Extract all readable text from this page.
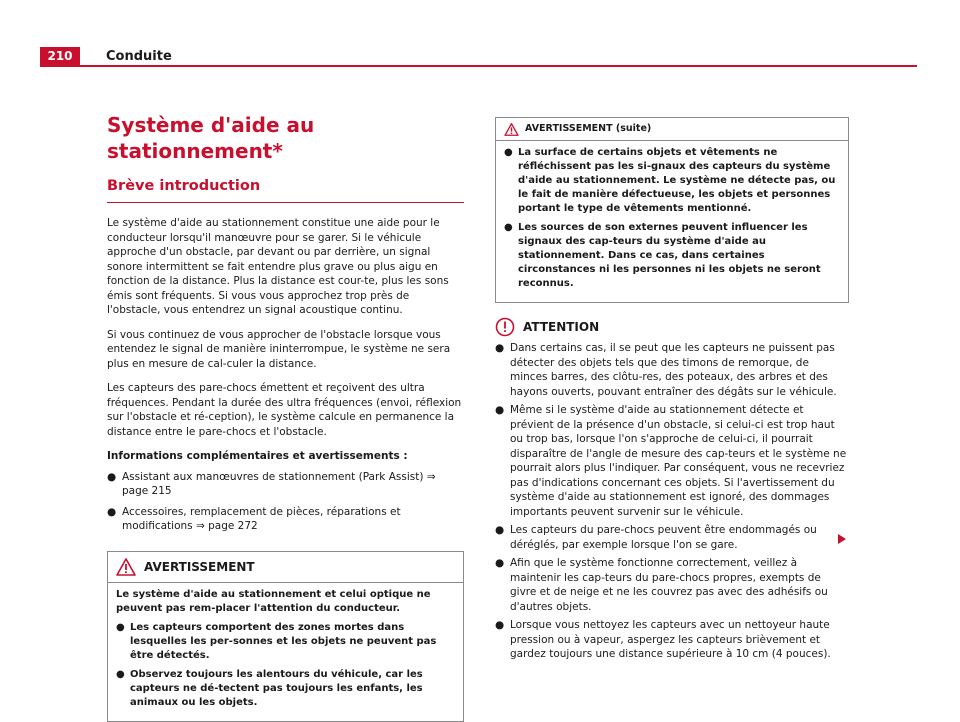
210	Conduite
Système d'aide au stationnement*
Brève introduction

Le système d'aide au stationnement constitue une aide pour le conducteur lorsqu'il manœuvre pour se garer. Si le véhicule approche d'un obstacle, par devant ou par derrière, un signal sonore intermittent se fait entendre plus grave ou plus aigu en fonction de la distance. Plus la distance est cour-te, plus les sons émis sont fréquents. Si vous vous approchez trop près de l'obstacle, vous entendrez un signal acoustique continu.

Si vous continuez de vous approcher de l'obstacle lorsque vous entendez le signal de manière ininterrompue, le système ne sera plus en mesure de cal-culer la distance.

Les capteurs des pare-chocs émettent et reçoivent des ultra fréquences. Pendant la durée des ultra fréquences (envoi, réflexion sur l'obstacle et ré-ception), le système calcule en permanence la distance entre le pare-chocs et l'obstacle.

Informations complémentaires et avertissements :

● Assistant aux manœuvres de stationnement (Park Assist) ⇒ page 215
● Accessoires, remplacement de pièces, réparations et modifications ⇒ page 272
AVERTISSEMENT
Le système d'aide au stationnement et celui optique ne peuvent pas rem-placer l'attention du conducteur.
● Les capteurs comportent des zones mortes dans lesquelles les per-sonnes et les objets ne peuvent pas être détectés.
● Observez toujours les alentours du véhicule, car les capteurs ne dé-tectent pas toujours les enfants, les animaux ou les objets.
AVERTISSEMENT (suite)
● La surface de certains objets et vêtements ne réfléchissent pas les si-gnaux des capteurs du système d'aide au stationnement. Le système ne détecte pas, ou le fait de manière défectueuse, les objets et personnes portant le type de vêtements mentionné.
● Les sources de son externes peuvent influencer les signaux des cap-teurs du système d'aide au stationnement. Dans ce cas, dans certaines circonstances ni les personnes ni les objets ne seront reconnus.
ATTENTION
● Dans certains cas, il se peut que les capteurs ne puissent pas détecter des objets tels que des timons de remorque, de minces barres, des clôtu-res, des poteaux, des arbres et des hayons ouverts, pouvant entraîner des dégâts sur le véhicule.
● Même si le système d'aide au stationnement détecte et prévient de la présence d'un obstacle, si celui-ci est trop haut ou trop bas, lorsque l'on s'approche de celui-ci, il pourrait disparaître de l'angle de mesure des cap-teurs et le système ne pourrait alors plus l'indiquer. Par conséquent, vous ne recevriez pas d'indications concernant ces objets. Si l'avertissement du système d'aide au stationnement est ignoré, des dommages importants peuvent survenir sur le véhicule.
● Les capteurs du pare-chocs peuvent être endommagés ou déréglés, par exemple lorsque l'on se gare.
● Afin que le système fonctionne correctement, veillez à maintenir les cap-teurs du pare-chocs propres, exempts de givre et de neige et ne les couvrez pas avec des adhésifs ou d'autres objets.
● Lorsque vous nettoyez les capteurs avec un nettoyeur haute pression ou à vapeur, aspergez les capteurs brièvement et gardez toujours une distance supérieure à 10 cm (4 pouces).
